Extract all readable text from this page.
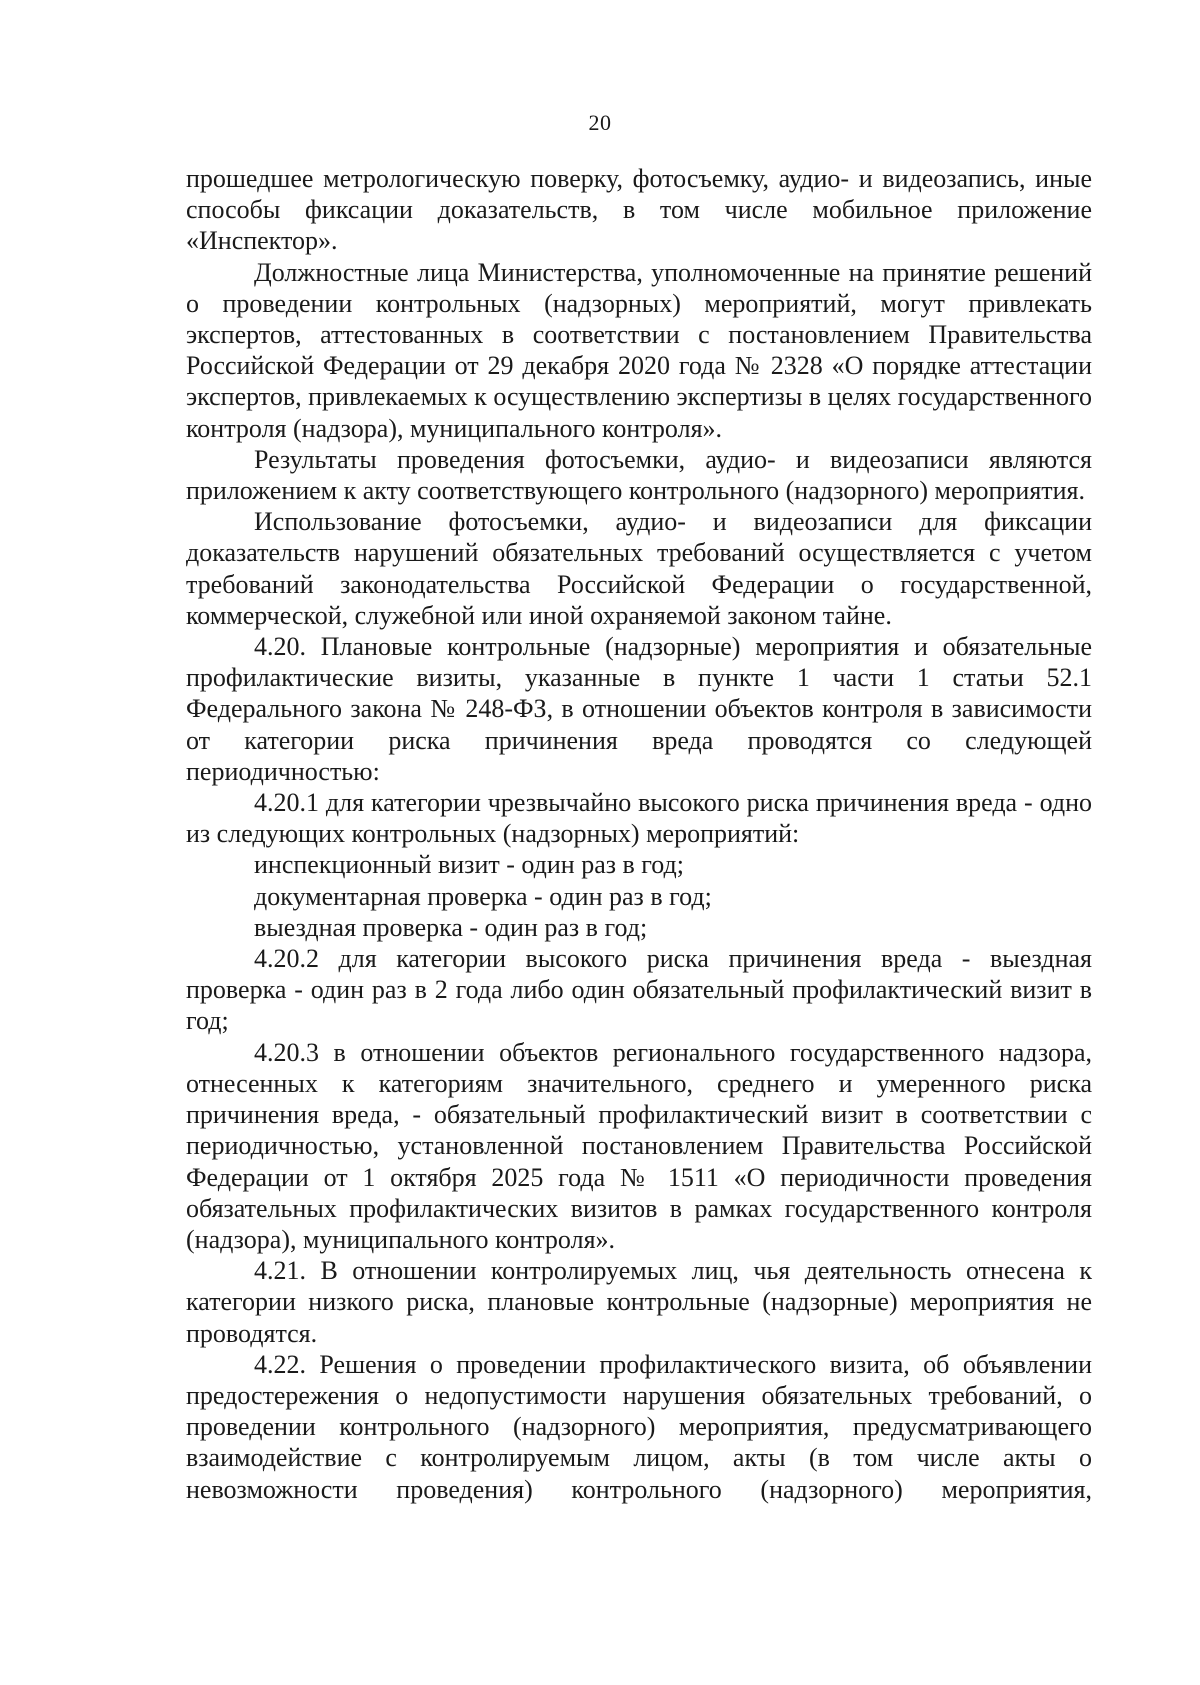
20

прошедшее метрологическую поверку, фотосъемку, аудио- и видеозапись, иные способы фиксации доказательств, в том числе мобильное приложение «Инспектор».

Должностные лица Министерства, уполномоченные на принятие решений о проведении контрольных (надзорных) мероприятий, могут привлекать экспертов, аттестованных в соответствии с постановлением Правительства Российской Федерации от 29 декабря 2020 года № 2328 «О порядке аттестации экспертов, привлекаемых к осуществлению экспертизы в целях государственного контроля (надзора), муниципального контроля».

Результаты проведения фотосъемки, аудио- и видеозаписи являются приложением к акту соответствующего контрольного (надзорного) мероприятия.

Использование фотосъемки, аудио- и видеозаписи для фиксации доказательств нарушений обязательных требований осуществляется с учетом требований законодательства Российской Федерации о государственной, коммерческой, служебной или иной охраняемой законом тайне.

4.20. Плановые контрольные (надзорные) мероприятия и обязательные профилактические визиты, указанные в пункте 1 части 1 статьи 52.1 Федерального закона № 248-ФЗ, в отношении объектов контроля в зависимости от категории риска причинения вреда проводятся со следующей периодичностью:

4.20.1 для категории чрезвычайно высокого риска причинения вреда - одно из следующих контрольных (надзорных) мероприятий:

инспекционный визит - один раз в год;

документарная проверка - один раз в год;

выездная проверка - один раз в год;

4.20.2 для категории высокого риска причинения вреда - выездная проверка - один раз в 2 года либо один обязательный профилактический визит в год;

4.20.3 в отношении объектов регионального государственного надзора, отнесенных к категориям значительного, среднего и умеренного риска причинения вреда, - обязательный профилактический визит в соответствии с периодичностью, установленной постановлением Правительства Российской Федерации от 1 октября 2025 года № 1511 «О периодичности проведения обязательных профилактических визитов в рамках государственного контроля (надзора), муниципального контроля».

4.21. В отношении контролируемых лиц, чья деятельность отнесена к категории низкого риска, плановые контрольные (надзорные) мероприятия не проводятся.

4.22. Решения о проведении профилактического визита, об объявлении предостережения о недопустимости нарушения обязательных требований, о проведении контрольного (надзорного) мероприятия, предусматривающего взаимодействие с контролируемым лицом, акты (в том числе акты о невозможности проведения) контрольного (надзорного) мероприятия,
